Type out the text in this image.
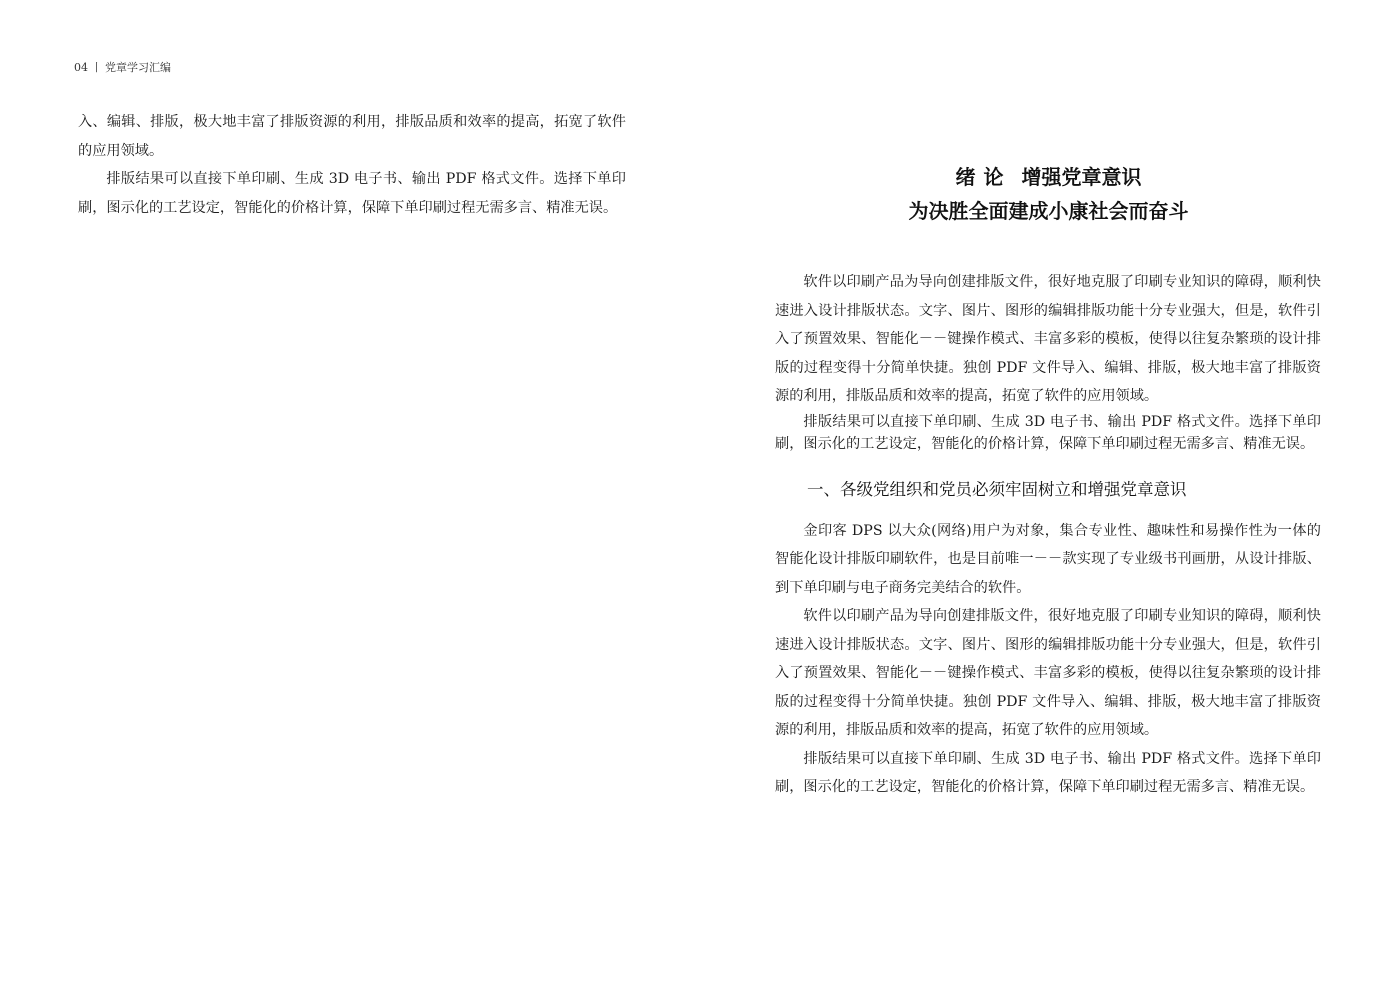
04 丨 党章学习汇编

入、编辑、排版，极大地丰富了排版资源的利用，排版品质和效率的提高，拓宽了软件的应用领域。

排版结果可以直接下单印刷、生成 3D 电子书、输出 PDF 格式文件。选择下单印刷，图示化的工艺设定，智能化的价格计算，保障下单印刷过程无需多言、精准无误。

绪论 增强党章意识
为决胜全面建成小康社会而奋斗

软件以印刷产品为导向创建排版文件，很好地克服了印刷专业知识的障碍，顺利快速进入设计排版状态。文字、图片、图形的编辑排版功能十分专业强大，但是，软件引入了预置效果、智能化－－键操作模式、丰富多彩的模板，使得以往复杂繁琐的设计排版的过程变得十分简单快捷。独创 PDF 文件导入、编辑、排版，极大地丰富了排版资源的利用，排版品质和效率的提高，拓宽了软件的应用领域。

排版结果可以直接下单印刷、生成 3D 电子书、输出 PDF 格式文件。选择下单印刷，图示化的工艺设定，智能化的价格计算，保障下单印刷过程无需多言、精准无误。

一、各级党组织和党员必须牢固树立和增强党章意识

金印客 DPS 以大众(网络)用户为对象，集合专业性、趣味性和易操作性为一体的智能化设计排版印刷软件，也是目前唯一－－款实现了专业级书刊画册，从设计排版、到下单印刷与电子商务完美结合的软件。

软件以印刷产品为导向创建排版文件，很好地克服了印刷专业知识的障碍，顺利快速进入设计排版状态。文字、图片、图形的编辑排版功能十分专业强大，但是，软件引入了预置效果、智能化－－键操作模式、丰富多彩的模板，使得以往复杂繁琐的设计排版的过程变得十分简单快捷。独创 PDF 文件导入、编辑、排版，极大地丰富了排版资源的利用，排版品质和效率的提高，拓宽了软件的应用领域。

排版结果可以直接下单印刷、生成 3D 电子书、输出 PDF 格式文件。选择下单印刷，图示化的工艺设定，智能化的价格计算，保障下单印刷过程无需多言、精准无误。
